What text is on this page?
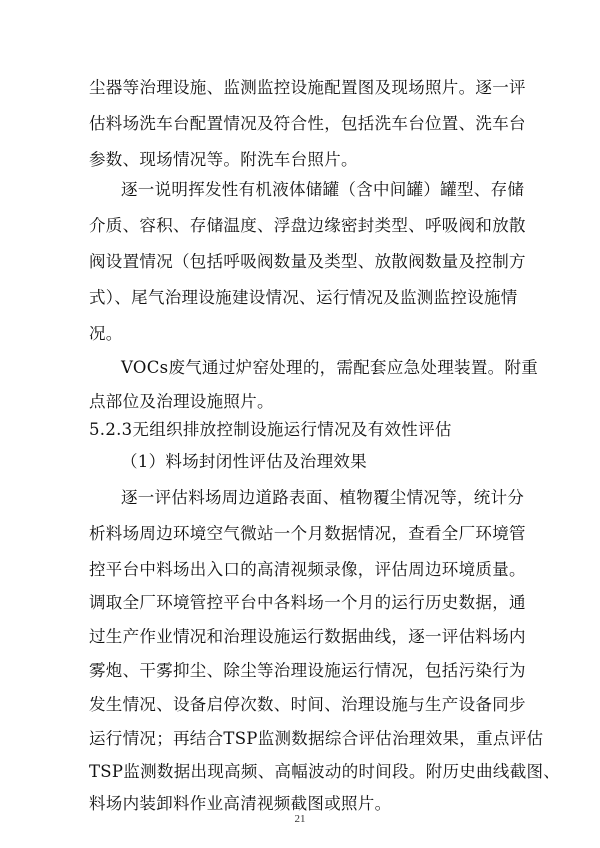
尘器等治理设施、监测监控设施配置图及现场照片。逐一评
估料场洗车台配置情况及符合性，包括洗车台位置、洗车台
参数、现场情况等。附洗车台照片。
逐一说明挥发性有机液体储罐（含中间罐）罐型、存储
介质、容积、存储温度、浮盘边缘密封类型、呼吸阀和放散
阀设置情况（包括呼吸阀数量及类型、放散阀数量及控制方
式）、尾气治理设施建设情况、运行情况及监测监控设施情
况。
VOCs废气通过炉窑处理的，需配套应急处理装置。附重
点部位及治理设施照片。
5.2.3无组织排放控制设施运行情况及有效性评估
（1）料场封闭性评估及治理效果
逐一评估料场周边道路表面、植物覆尘情况等，统计分
析料场周边环境空气微站一个月数据情况，查看全厂环境管
控平台中料场出入口的高清视频录像，评估周边环境质量。
调取全厂环境管控平台中各料场一个月的运行历史数据，通
过生产作业情况和治理设施运行数据曲线，逐一评估料场内
雾炮、干雾抑尘、除尘等治理设施运行情况，包括污染行为
发生情况、设备启停次数、时间、治理设施与生产设备同步
运行情况；再结合TSP监测数据综合评估治理效果，重点评估
TSP监测数据出现高频、高幅波动的时间段。附历史曲线截图、
料场内装卸料作业高清视频截图或照片。
21
